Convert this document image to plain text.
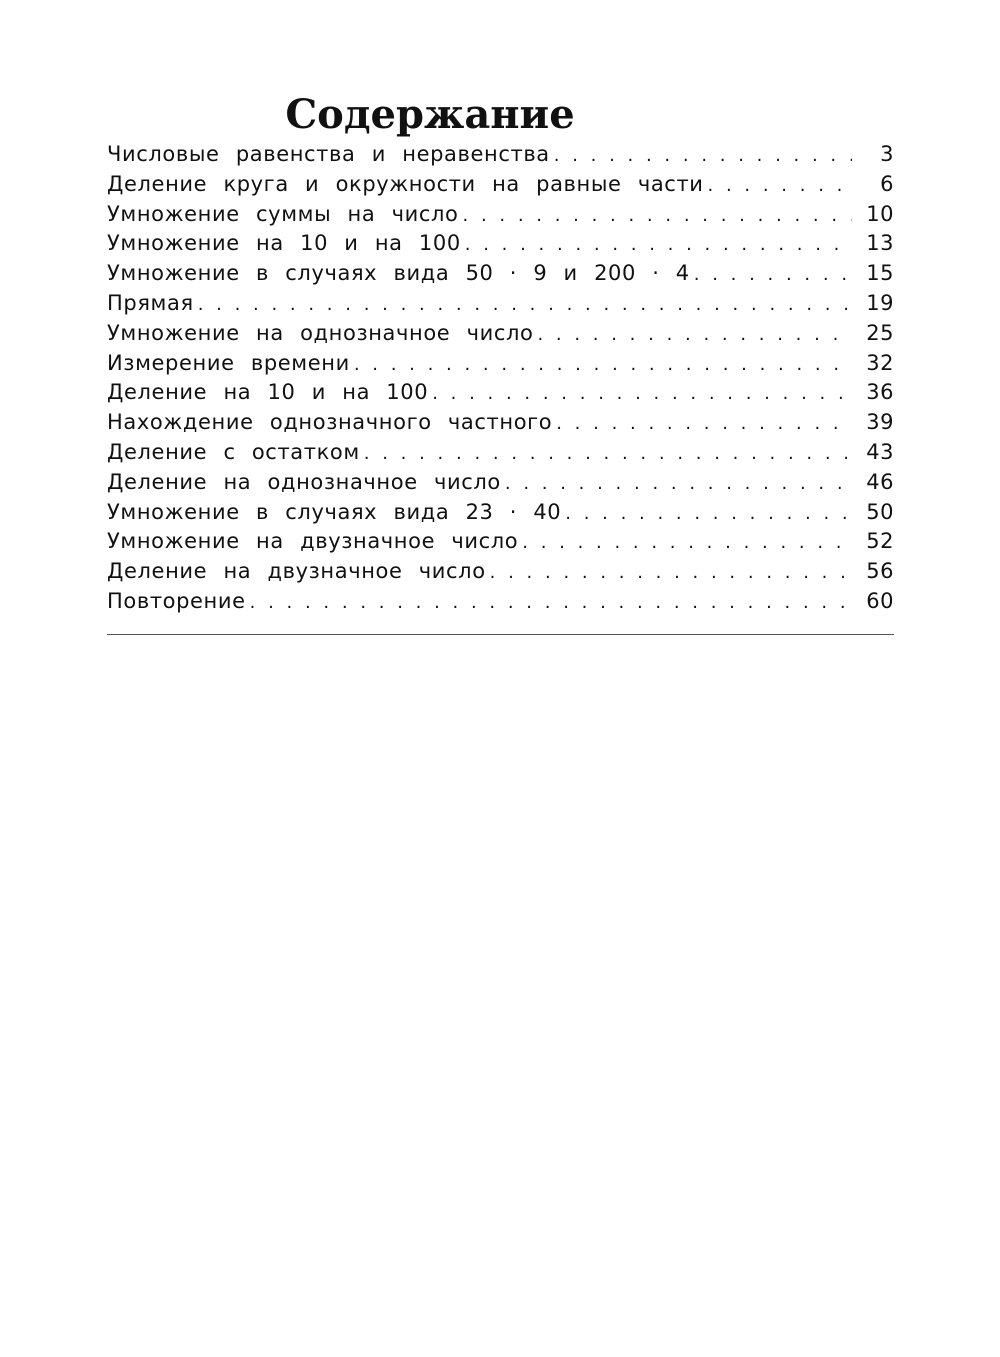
Содержание
Числовые равенства и неравенства . . .	3
Деление круга и окружности на равные части . . .	6
Умножение суммы на число . . .	10
Умножение на 10 и на 100 . . .	13
Умножение в случаях вида 50 · 9 и 200 · 4 . . .	15
Прямая . . .	19
Умножение на однозначное число . . .	25
Измерение времени . . .	32
Деление на 10 и на 100 . . .	36
Нахождение однозначного частного . . .	39
Деление с остатком . . .	43
Деление на однозначное число . . .	46
Умножение в случаях вида 23 · 40 . . .	50
Умножение на двузначное число . . .	52
Деление на двузначное число . . .	56
Повторение . . .	60
